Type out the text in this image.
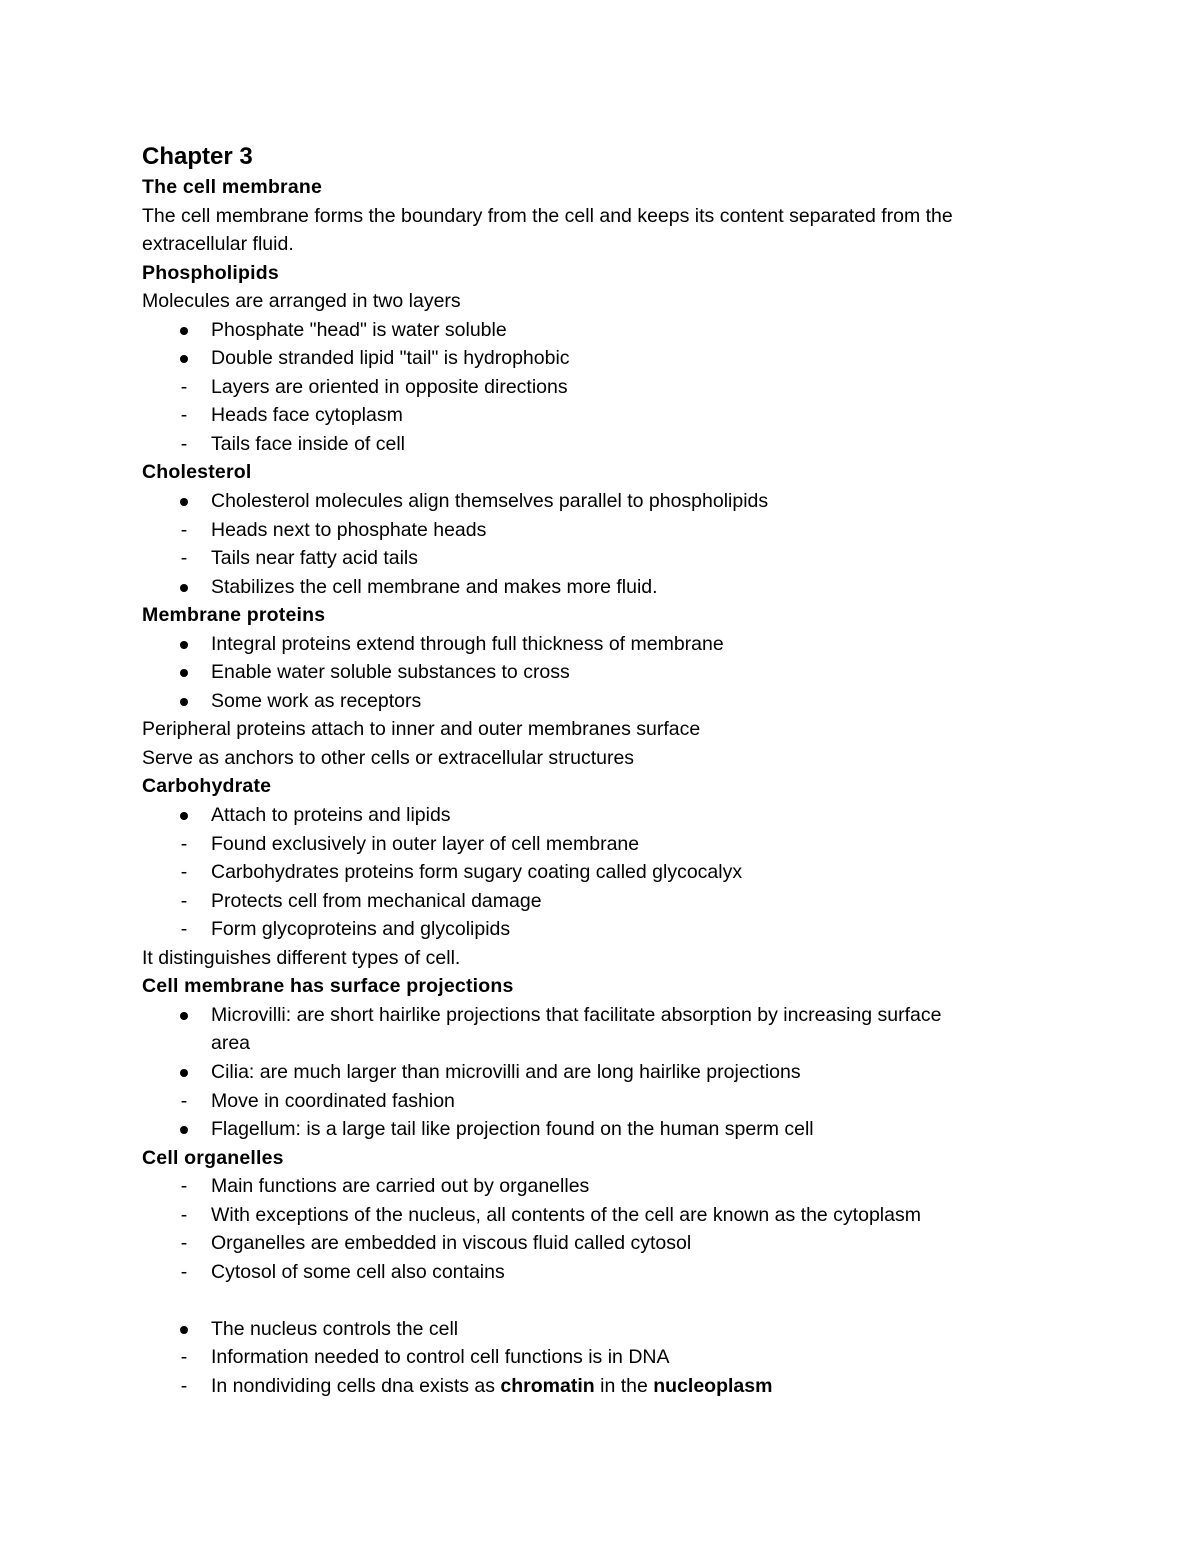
Chapter 3
The cell membrane
The cell membrane forms the boundary from the cell and keeps its content separated from the
extracellular fluid.
Phospholipids
Molecules are arranged in two layers
Phosphate "head" is water soluble
Double stranded lipid "tail" is hydrophobic
-
Layers are oriented in opposite directions
-
Heads face cytoplasm
-
Tails face inside of cell
Cholesterol
Cholesterol molecules align themselves parallel to phospholipids
-
Heads next to phosphate heads
-
Tails near fatty acid tails
Stabilizes the cell membrane and makes more fluid.
Membrane proteins
Integral proteins extend through full thickness of membrane
Enable water soluble substances to cross
Some work as receptors
Peripheral proteins attach to inner and outer membranes surface
Serve as anchors to other cells or extracellular structures
Carbohydrate
Attach to proteins and lipids
-
Found exclusively in outer layer of cell membrane
-
Carbohydrates proteins form sugary coating called glycocalyx
-
Protects cell from mechanical damage
-
Form glycoproteins and glycolipids
It distinguishes different types of cell.
Cell membrane has surface projections
Microvilli: are short hairlike projections that facilitate absorption by increasing surface
area
Cilia: are much larger than microvilli and are long hairlike projections
-
Move in coordinated fashion
Flagellum: is a large tail like projection found on the human sperm cell
Cell organelles
-
Main functions are carried out by organelles
-
With exceptions of the nucleus, all contents of the cell are known as the cytoplasm
-
Organelles are embedded in viscous fluid called cytosol
-
Cytosol of some cell also contains
The nucleus controls the cell
-
Information needed to control cell functions is in DNA
-
In nondividing cells dna exists as chromatin in the nucleoplasm
